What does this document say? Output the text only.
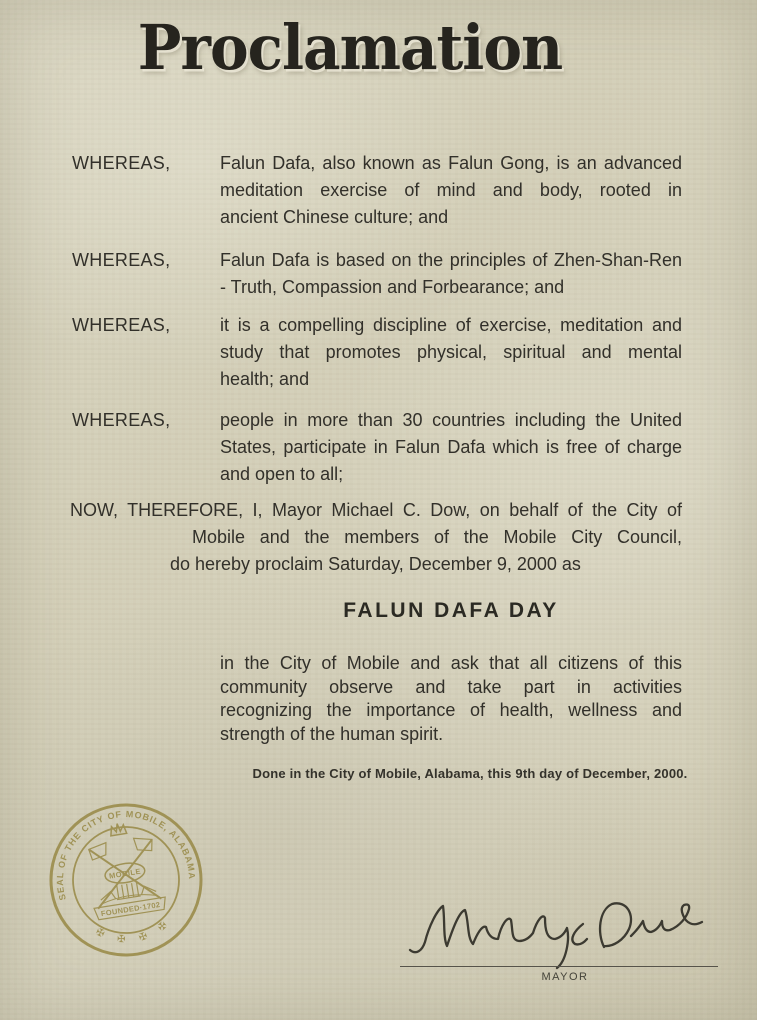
Proclamation
WHEREAS,	Falun Dafa, also known as Falun Gong, is an advanced
meditation exercise of mind and body, rooted in
ancient Chinese culture; and
WHEREAS,	Falun Dafa is based on the principles of Zhen-Shan-Ren
- Truth, Compassion and Forbearance; and
WHEREAS,	it is a compelling discipline of exercise, meditation and
study that promotes physical, spiritual and mental
health; and
WHEREAS,	people in more than 30 countries including the United
States, participate in Falun Dafa which is free of charge
and open to all;
NOW, THEREFORE, I, Mayor Michael C. Dow, on behalf of the City of
Mobile and the members of the Mobile City Council,
do hereby proclaim Saturday, December 9, 2000 as
FALUN DAFA DAY
in the City of Mobile and ask that all citizens of this
community observe and take part in activities
recognizing the importance of health, wellness and
strength of the human spirit.
Done in the City of Mobile, Alabama, this 9th day of December, 2000.
SEAL OF THE CITY OF MOBILE, ALABAMA
✠ ✠ ✠ ✠
MOBILE
FOUNDED·1702
MAYOR
